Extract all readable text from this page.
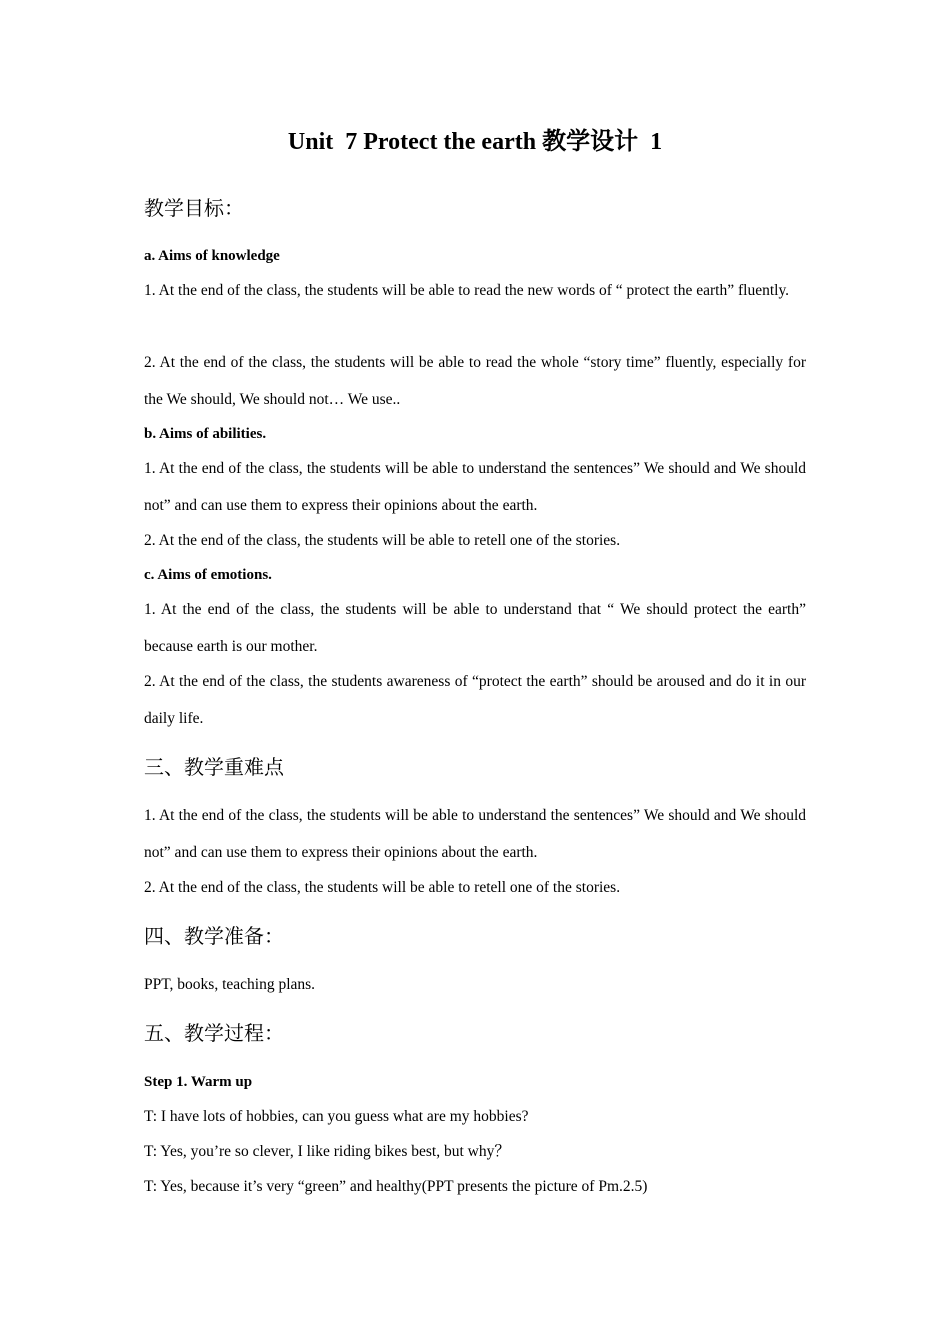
Unit  7 Protect the earth 教学设计  1
教学目标：
a. Aims of knowledge
1. At the end of the class, the students will be able to read the new words of “ protect the earth” fluently.
2. At the end of the class, the students will be able to read the whole “story time” fluently, especially for the We should, We should not… We use..
b. Aims of abilities.
1. At the end of the class, the students will be able to understand the sentences” We should and We should not” and can use them to express their opinions about the earth.
2. At the end of the class, the students will be able to retell one of the stories.
c. Aims of emotions.
1. At the end of the class, the students will be able to understand that “ We should protect the earth” because earth is our mother.
2. At the end of the class, the students awareness of “protect the earth” should be aroused and do it in our daily life.
三、教学重难点
1. At the end of the class, the students will be able to understand the sentences” We should and We should not” and can use them to express their opinions about the earth.
2. At the end of the class, the students will be able to retell one of the stories.
四、教学准备：
PPT, books, teaching plans.
五、教学过程：
Step 1. Warm up
T: I have lots of hobbies, can you guess what are my hobbies?
T: Yes, you’re so clever, I like riding bikes best, but why？
T: Yes, because it’s very “green” and healthy(PPT presents the picture of Pm.2.5)
